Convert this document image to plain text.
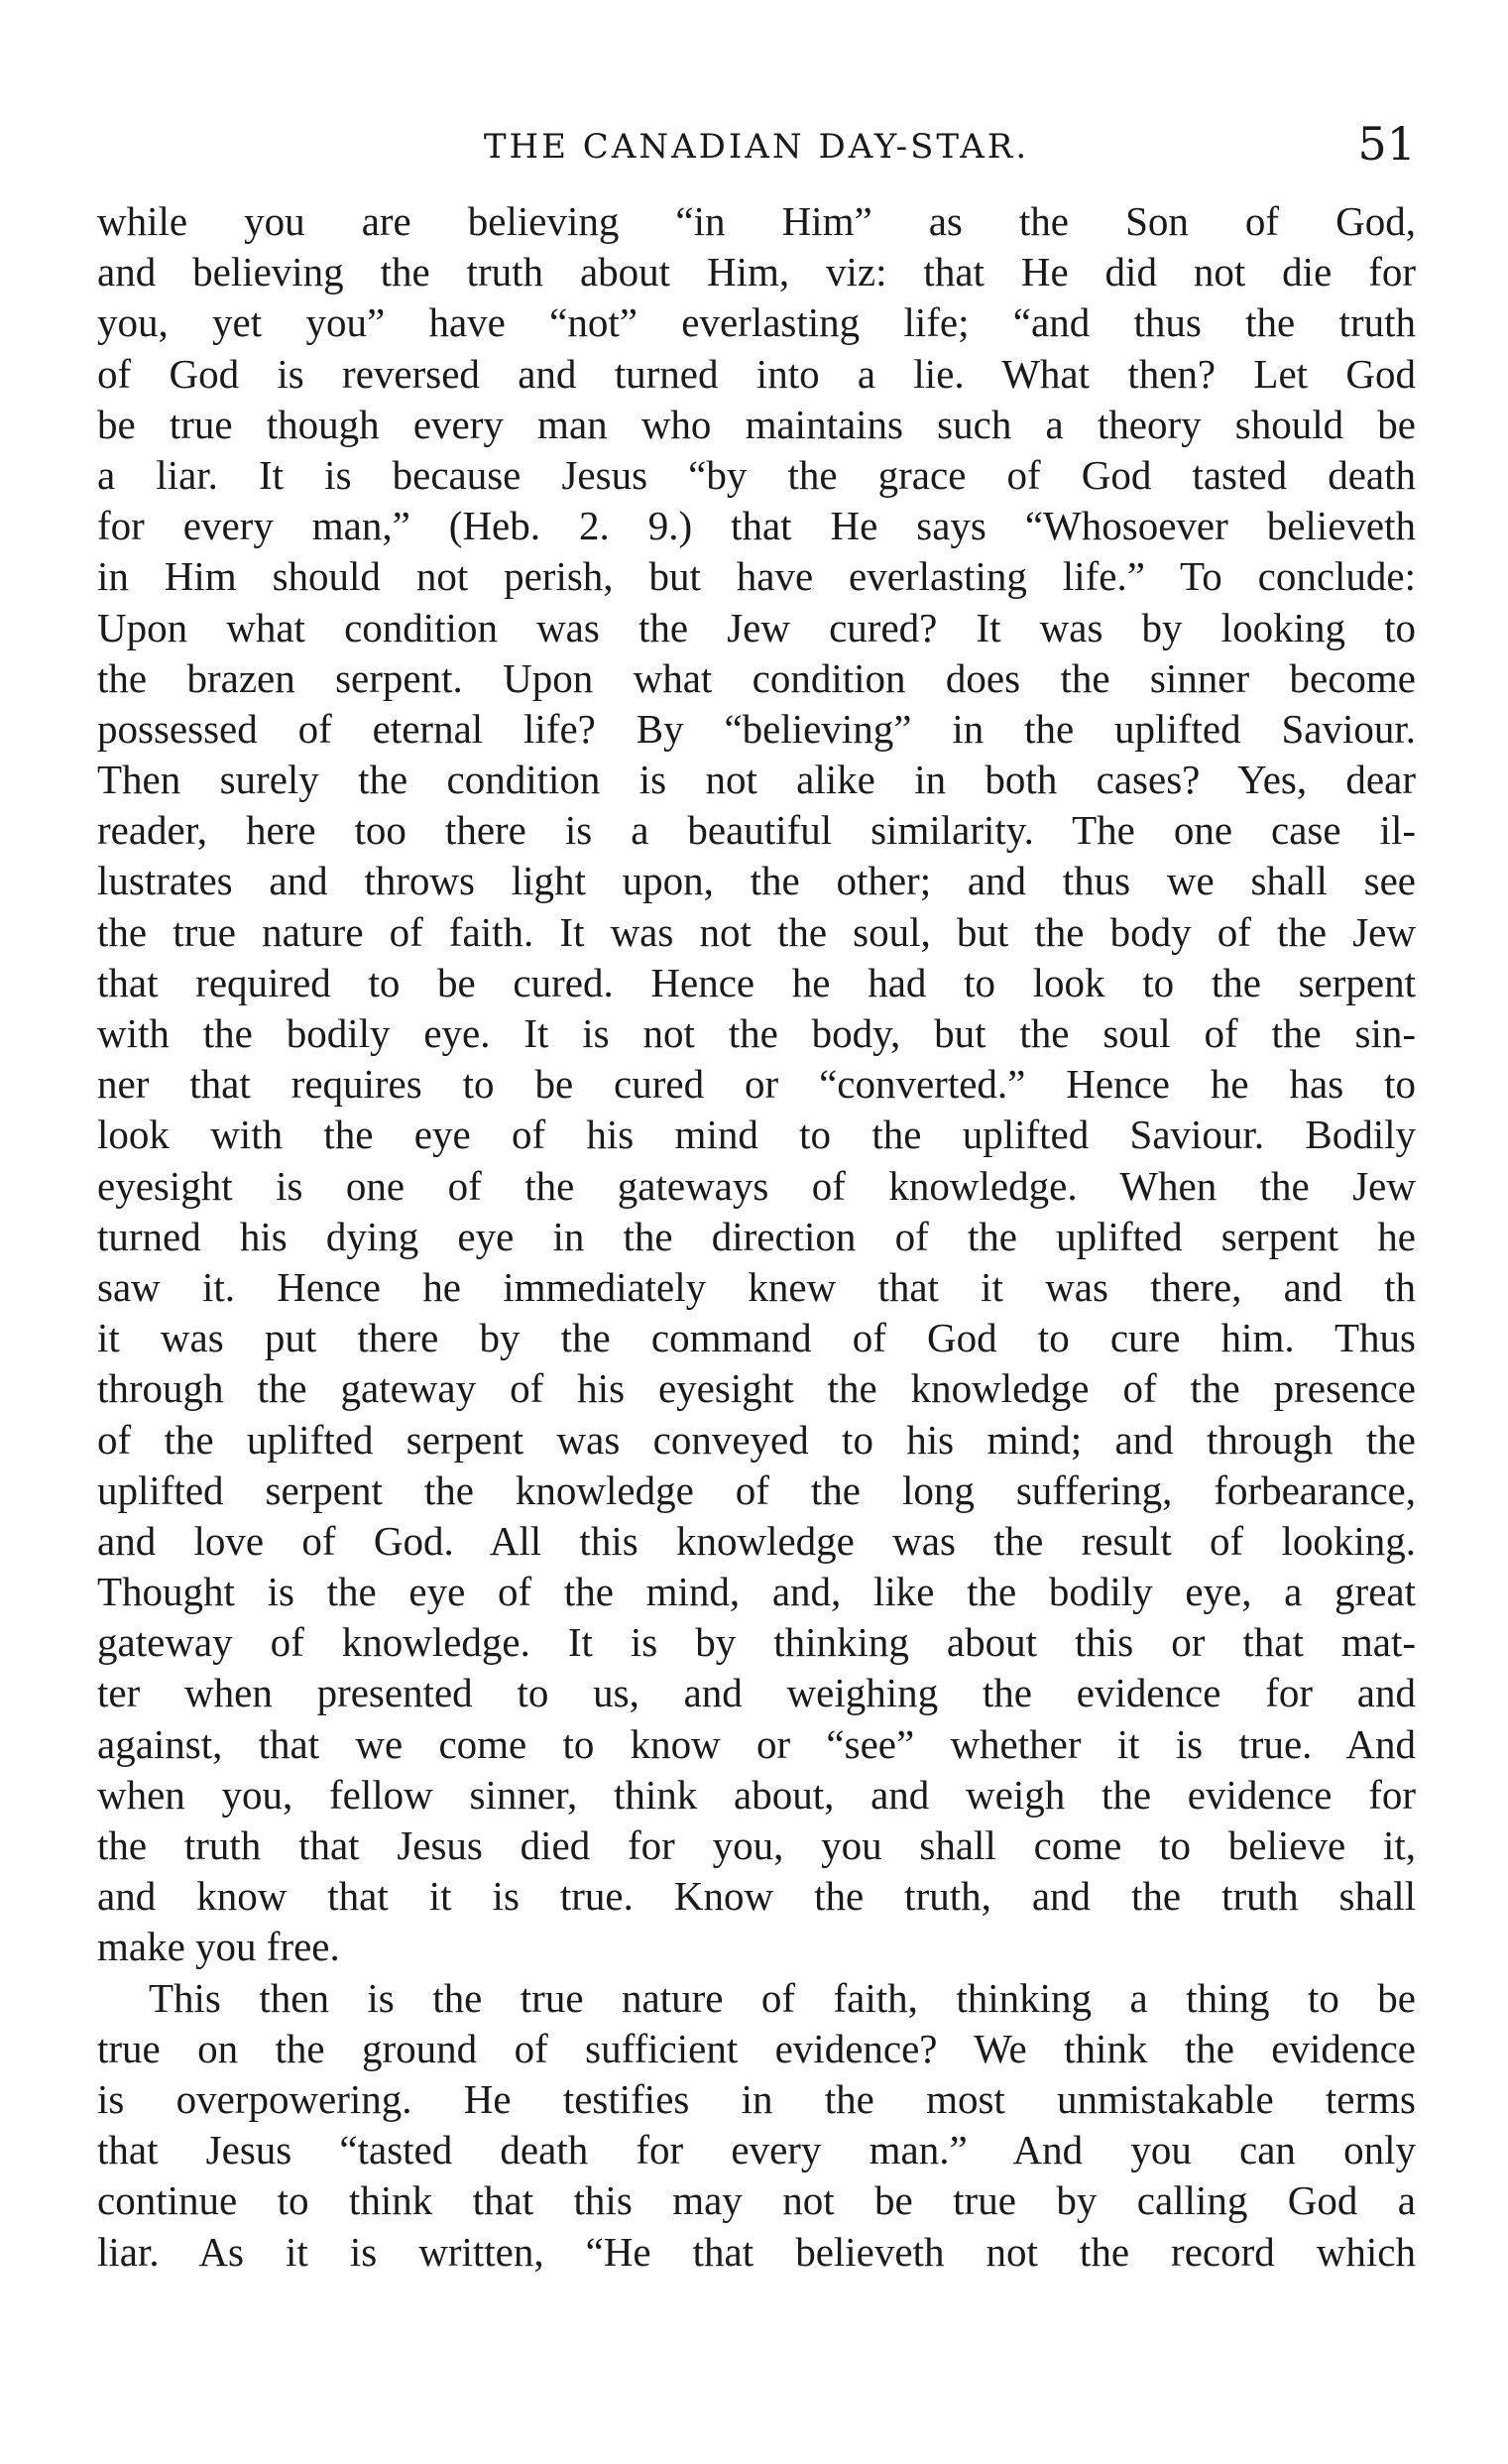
THE CANADIAN DAY-STAR.	51
while you are believing “in Him” as the Son of God,
and believing the truth about Him, viz: that He did not die for
you, yet you” have “not” everlasting life; “and thus the truth
of God is reversed and turned into a lie. What then? Let God
be true though every man who maintains such a theory should be
a liar. It is because Jesus “by the grace of God tasted death
for every man,” (Heb. 2. 9.) that He says “Whosoever believeth
in Him should not perish, but have everlasting life.” To conclude:
Upon what condition was the Jew cured? It was by looking to
the brazen serpent. Upon what condition does the sinner become
possessed of eternal life? By “believing” in the uplifted Saviour.
Then surely the condition is not alike in both cases? Yes, dear
reader, here too there is a beautiful similarity. The one case il-
lustrates and throws light upon, the other; and thus we shall see
the true nature of faith. It was not the soul, but the body of the Jew
that required to be cured. Hence he had to look to the serpent
with the bodily eye. It is not the body, but the soul of the sin-
ner that requires to be cured or “converted.” Hence he has to
look with the eye of his mind to the uplifted Saviour. Bodily
eyesight is one of the gateways of knowledge. When the Jew
turned his dying eye in the direction of the uplifted serpent he
saw it. Hence he immediately knew that it was there, and th
it was put there by the command of God to cure him. Thus
through the gateway of his eyesight the knowledge of the presence
of the uplifted serpent was conveyed to his mind; and through the
uplifted serpent the knowledge of the long suffering, forbearance,
and love of God. All this knowledge was the result of looking.
Thought is the eye of the mind, and, like the bodily eye, a great
gateway of knowledge. It is by thinking about this or that mat-
ter when presented to us, and weighing the evidence for and
against, that we come to know or “see” whether it is true. And
when you, fellow sinner, think about, and weigh the evidence for
the truth that Jesus died for you, you shall come to believe it,
and know that it is true. Know the truth, and the truth shall
make you free.
This then is the true nature of faith, thinking a thing to be
true on the ground of sufficient evidence? We think the evidence
is overpowering. He testifies in the most unmistakable terms
that Jesus “tasted death for every man.” And you can only
continue to think that this may not be true by calling God a
liar. As it is written, “He that believeth not the record which
